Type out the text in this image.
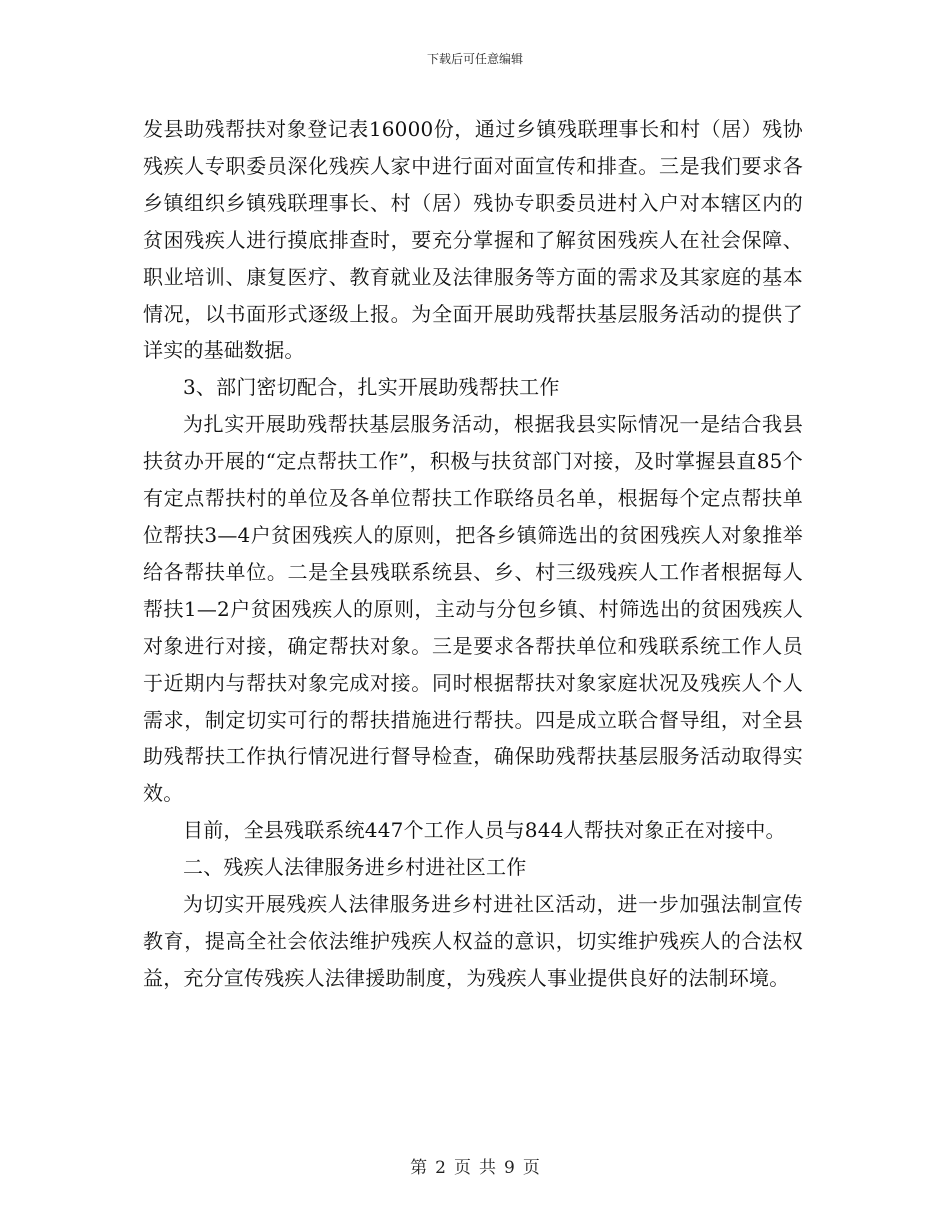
下载后可任意编辑

发县助残帮扶对象登记表16000份，通过乡镇残联理事长和村（居）残协残疾人专职委员深化残疾人家中进行面对面宣传和排查。三是我们要求各乡镇组织乡镇残联理事长、村（居）残协专职委员进村入户对本辖区内的贫困残疾人进行摸底排查时，要充分掌握和了解贫困残疾人在社会保障、职业培训、康复医疗、教育就业及法律服务等方面的需求及其家庭的基本情况，以书面形式逐级上报。为全面开展助残帮扶基层服务活动的提供了详实的基础数据。

3、部门密切配合，扎实开展助残帮扶工作

为扎实开展助残帮扶基层服务活动，根据我县实际情况一是结合我县扶贫办开展的“定点帮扶工作”，积极与扶贫部门对接，及时掌握县直85个有定点帮扶村的单位及各单位帮扶工作联络员名单，根据每个定点帮扶单位帮扶3—4户贫困残疾人的原则，把各乡镇筛选出的贫困残疾人对象推举给各帮扶单位。二是全县残联系统县、乡、村三级残疾人工作者根据每人帮扶1—2户贫困残疾人的原则，主动与分包乡镇、村筛选出的贫困残疾人对象进行对接，确定帮扶对象。三是要求各帮扶单位和残联系统工作人员于近期内与帮扶对象完成对接。同时根据帮扶对象家庭状况及残疾人个人需求，制定切实可行的帮扶措施进行帮扶。四是成立联合督导组，对全县助残帮扶工作执行情况进行督导检查，确保助残帮扶基层服务活动取得实效。

目前，全县残联系统447个工作人员与844人帮扶对象正在对接中。

二、残疾人法律服务进乡村进社区工作

为切实开展残疾人法律服务进乡村进社区活动，进一步加强法制宣传教育，提高全社会依法维护残疾人权益的意识，切实维护残疾人的合法权益，充分宣传残疾人法律援助制度，为残疾人事业提供良好的法制环境。

第 2 页 共 9 页
